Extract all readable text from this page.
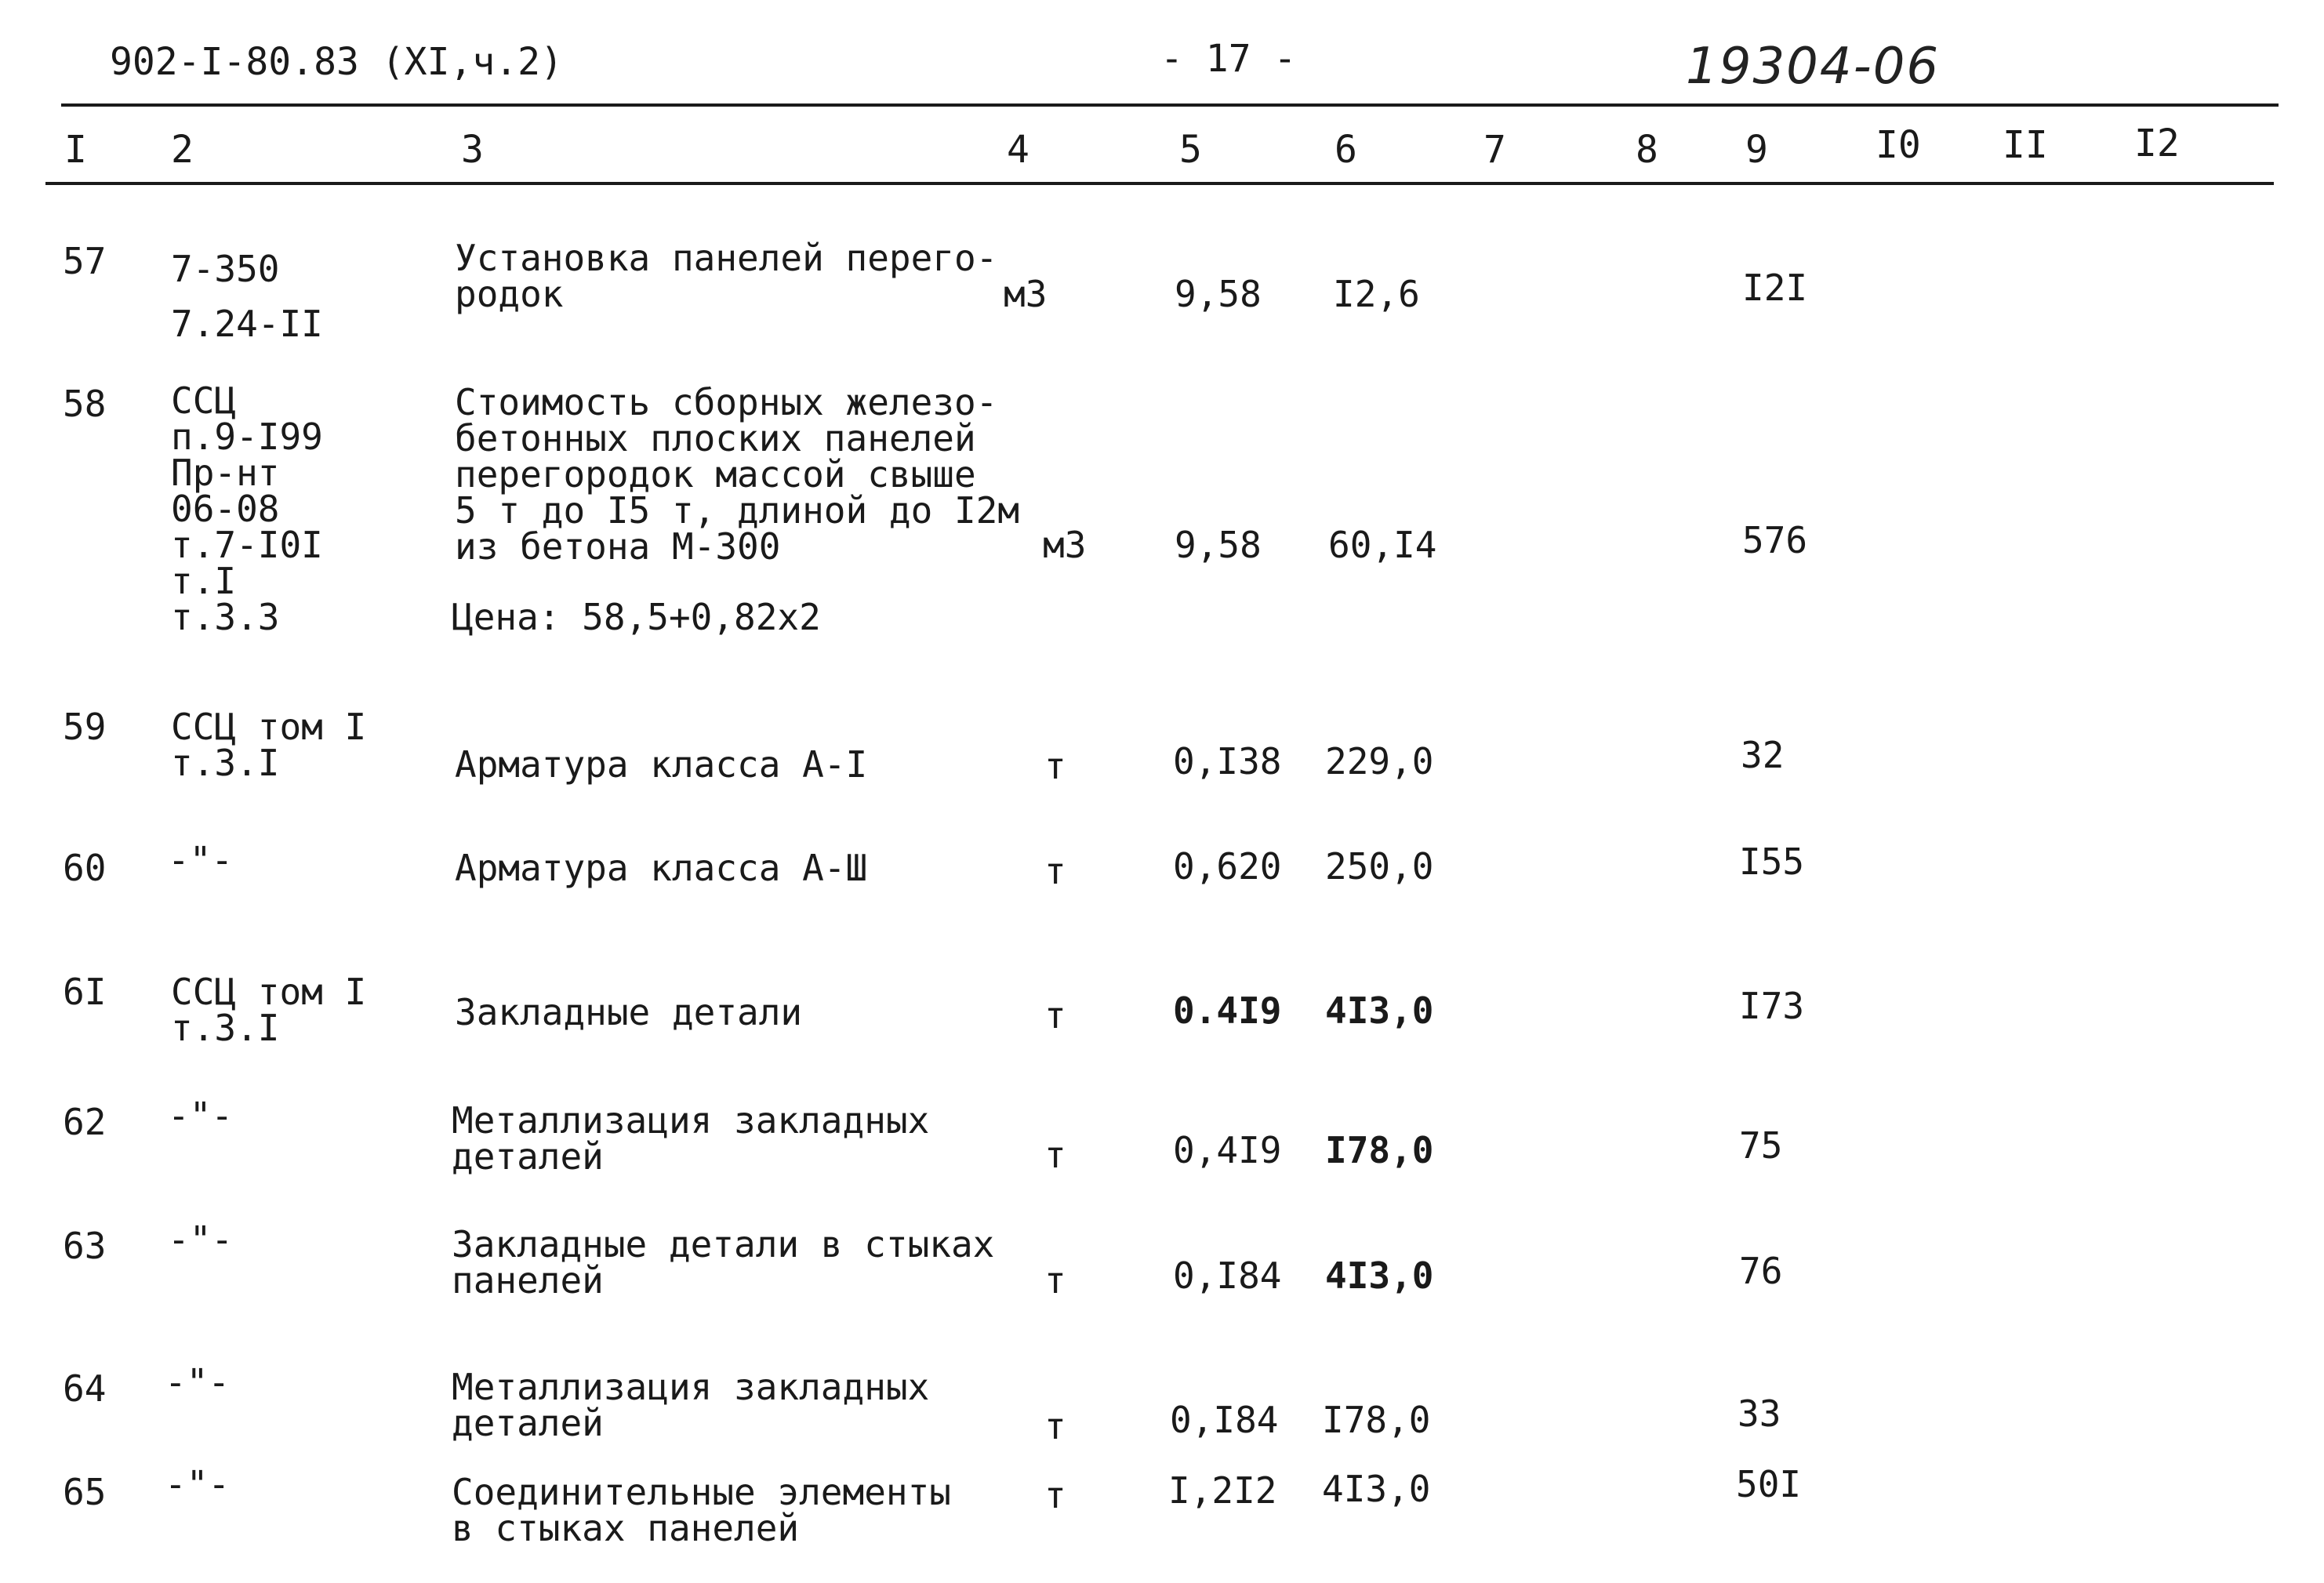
902-I-80.83 (XI,ч.2)	- 17 -	19304-06
I 2	3	4	5	6	7	8 9	I0 II I2
57 7-350
7.24-II
Установка панелей перего-
родок	м3	9,58 I2,6	I2I
58 ССЦ
п.9-I99
Пр-нт
06-08
т.7-I0I
т.I
т.3.3
Стоимость сборных железо-
бетонных плоских панелей
перегородок массой свыше
5 т до I5 т, длиной до I2м
из бетона М-300
Цена: 58,5+0,82х2
м3 9,58 60,I4	576
59 ССЦ том I
т.3.I	Арматура класса А-I	т	0,I38 229,0	32
60 -"-	Арматура класса А-Ш	т	0,620 250,0	I55
6I ССЦ том I
т.3.I	Закладные детали	т	0.4I9 4I3,0	I73
62 -"-	Металлизация закладных
деталей	т	0,4I9 I78,0	75
63 -"-	Закладные детали в стыках
панелей	т	0,I84 4I3,0	76
64 -"-	Металлизация закладных
деталей	т	0,I84 I78,0	33
65 -"-	Соединительные элементы
в стыках панелей
т	I,2I2 4I3,0	50I
